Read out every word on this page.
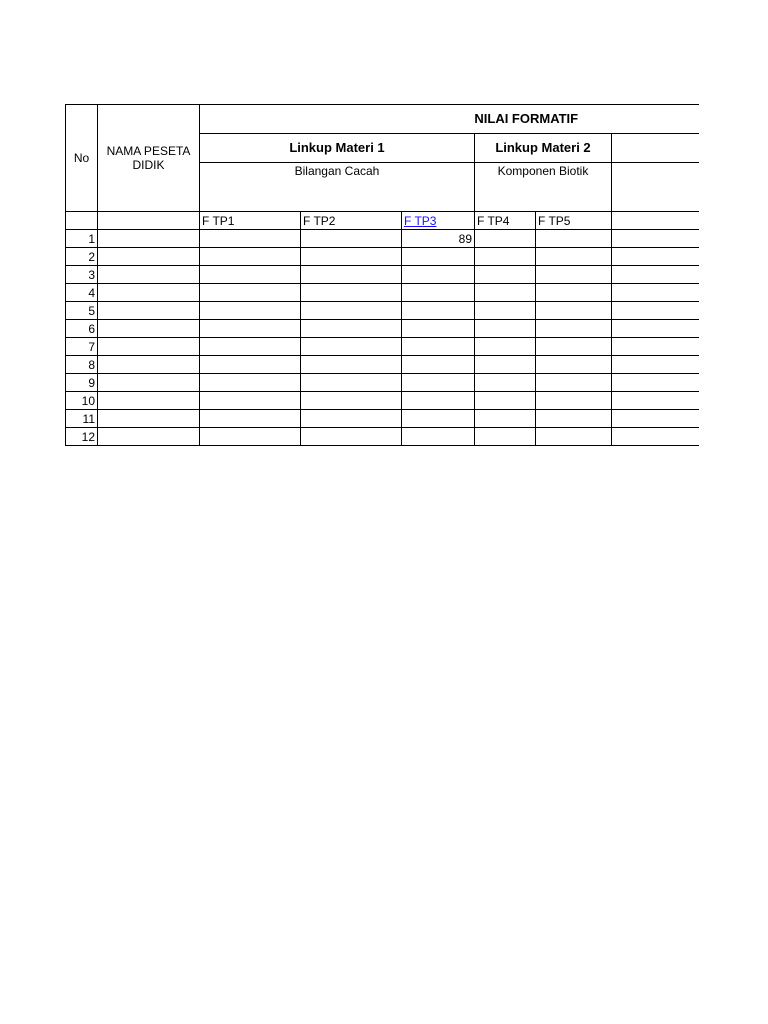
No	NAMA PESETA DIDIK	NILAI FORMATIF					
		Linkup Materi 1			Linkup Materi 2		
		Bilangan Cacah			Komponen Biotik		
		F TP1	F TP2	F TP3	F TP4	F TP5	
1				89			
2							
3							
4							
5							
6							
7							
8							
9							
10							
11							
12							
